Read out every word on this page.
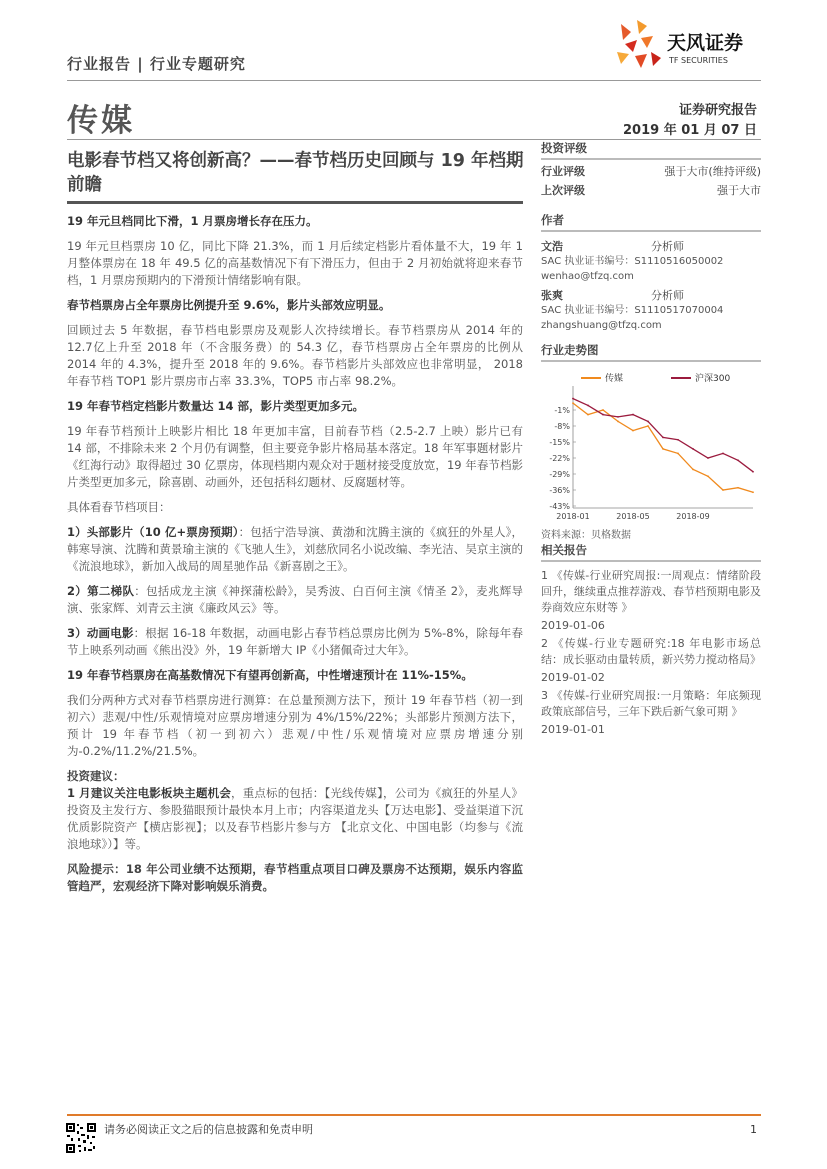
行业报告 | 行业专题研究
天风证券
TF SECURITIES
传媒	证券研究报告
2019 年 01 月 07 日
电影春节档又将创新高？——春节档历史回顾与 19 年档期前瞻

19 年元旦档同比下滑，1 月票房增长存在压力。

19 年元旦档票房 10 亿，同比下降 21.3%，而 1 月后续定档影片看体量不大，19 年 1 月整体票房在 18 年 49.5 亿的高基数情况下有下滑压力，但由于 2 月初始就将迎来春节档，1 月票房预期内的下滑预计情绪影响有限。

春节档票房占全年票房比例提升至 9.6%，影片头部效应明显。

回顾过去 5 年数据，春节档电影票房及观影人次持续增长。春节档票房从 2014 年的 12.7亿上升至 2018 年（不含服务费）的 54.3 亿，春节档票房占全年票房的比例从 2014 年的 4.3%，提升至 2018 年的 9.6%。春节档影片头部效应也非常明显， 2018 年春节档 TOP1 影片票房市占率 33.3%，TOP5 市占率 98.2%。

19 年春节档定档影片数量达 14 部，影片类型更加多元。

19 年春节档预计上映影片相比 18 年更加丰富，目前春节档（2.5-2.7 上映）影片已有 14 部，不排除未来 2 个月仍有调整，但主要竞争影片格局基本落定。18 年军事题材影片《红海行动》取得超过 30 亿票房，体现档期内观众对于题材接受度放宽，19 年春节档影片类型更加多元，除喜剧、动画外，还包括科幻题材、反腐题材等。

具体看春节档项目：

1）头部影片（10 亿+票房预期）：包括宁浩导演、黄渤和沈腾主演的《疯狂的外星人》，韩寒导演、沈腾和黄景瑜主演的《飞驰人生》，刘慈欣同名小说改编、李光洁、吴京主演的《流浪地球》，新加入战局的周星驰作品《新喜剧之王》。

2）第二梯队：包括成龙主演《神探蒲松龄》，吴秀波、白百何主演《情圣 2》，麦兆辉导演、张家辉、刘青云主演《廉政风云》等。

3）动画电影：根据 16-18 年数据，动画电影占春节档总票房比例为 5%-8%，除每年春节上映系列动画《熊出没》外，19 年新增大 IP《小猪佩奇过大年》。

19 年春节档票房在高基数情况下有望再创新高，中性增速预计在 11%-15%。

我们分两种方式对春节档票房进行测算：在总量预测方法下，预计 19 年春节档（初一到初六）悲观/中性/乐观情境对应票房增速分别为 4%/15%/22%；头部影片预测方法下，预计 19 年春节档（初一到初六）悲观/中性/乐观情境对应票房增速分别为-0.2%/11.2%/21.5%。

投资建议：

1 月建议关注电影板块主题机会，重点标的包括：【光线传媒】，公司为《疯狂的外星人》投资及主发行方、参股猫眼预计最快本月上市；内容渠道龙头【万达电影】、受益渠道下沉优质影院资产【横店影视】；以及春节档影片参与方 【北京文化、中国电影（均参与《流浪地球》）】等。

风险提示：18 年公司业绩不达预期，春节档重点项目口碑及票房不达预期，娱乐内容监管趋严，宏观经济下降对影响娱乐消费。

投资评级
行业评级	强于大市(维持评级)
上次评级	强于大市
作者
文浩	分析师
SAC 执业证书编号：S1110516050002
wenhao@tfzq.com
张爽	分析师
SAC 执业证书编号：S1110517070004
zhangshuang@tfzq.com
行业走势图
传媒	沪深300
-1%
-8%
-15%
-22%
-29%
-36%
-43%
2018-01	2018-05	2018-09
资料来源：贝格数据
相关报告

1 《传媒-行业研究周报:一周观点：情绪阶段回升，继续重点推荐游戏、春节档预期电影及券商效应东财等 》

2019-01-06

2 《传媒-行业专题研究:18 年电影市场总结：成长驱动由量转质，新兴势力搅动格局》

2019-01-02

3 《传媒-行业研究周报:一月策略：年底频现政策底部信号，三年下跌后新气象可期 》

2019-01-01

请务必阅读正文之后的信息披露和免责申明	1
